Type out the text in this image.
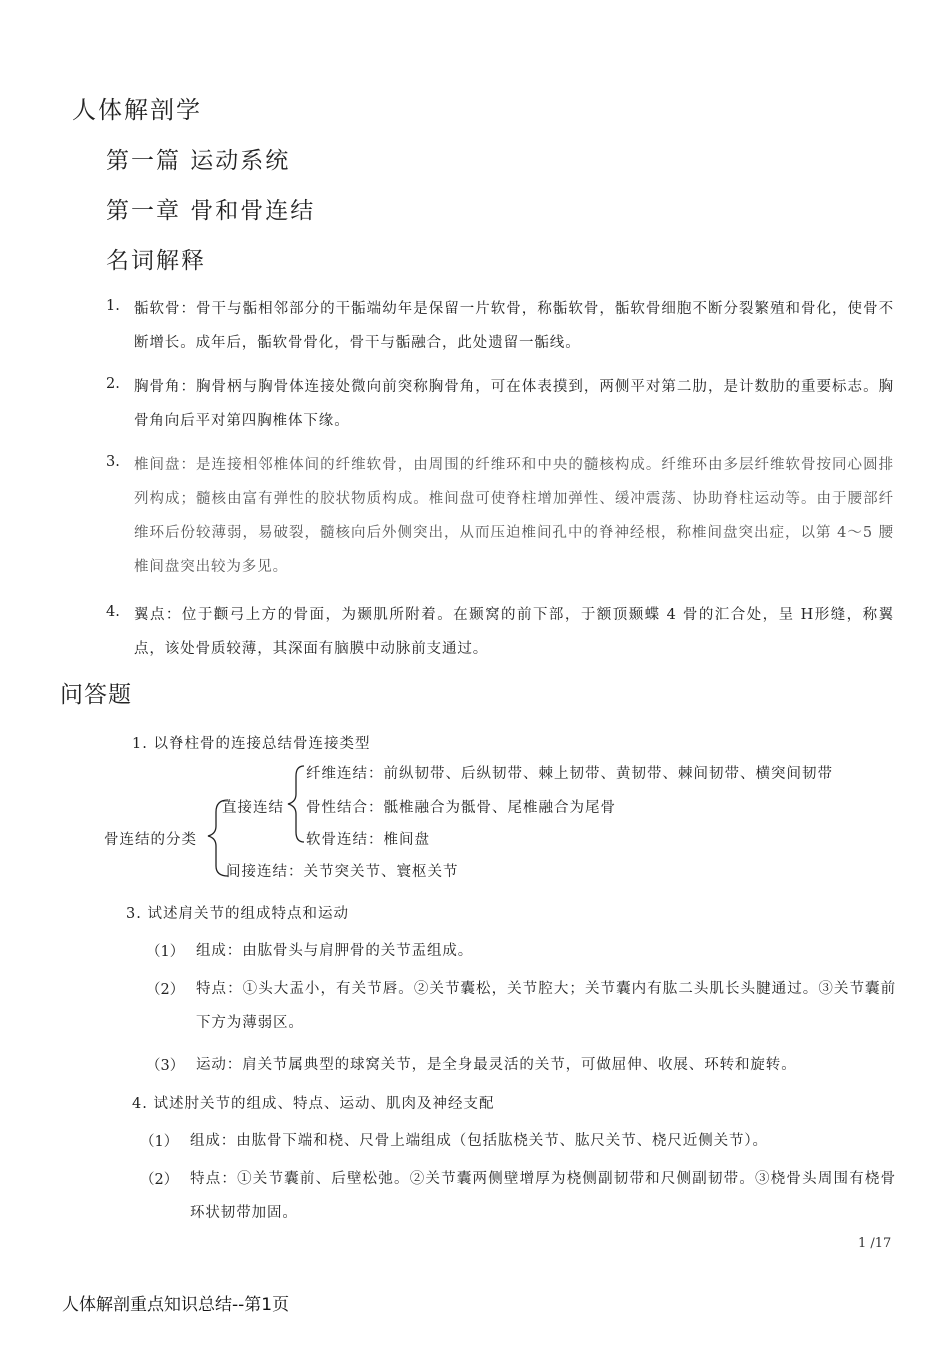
人体解剖学
第一篇 运动系统
第一章 骨和骨连结
名词解释
1. 骺软骨：骨干与骺相邻部分的干骺端幼年是保留一片软骨，称骺软骨，骺软骨细胞不断分裂繁殖和骨化，使骨不断增长。成年后，骺软骨骨化，骨干与骺融合，此处遗留一骺线。
2. 胸骨角：胸骨柄与胸骨体连接处微向前突称胸骨角，可在体表摸到，两侧平对第二肋，是计数肋的重要标志。胸骨角向后平对第四胸椎体下缘。
3. 椎间盘：是连接相邻椎体间的纤维软骨，由周围的纤维环和中央的髓核构成。纤维环由多层纤维软骨按同心圆排列构成；髓核由富有弹性的胶状物质构成。椎间盘可使脊柱增加弹性、缓冲震荡、协助脊柱运动等。由于腰部纤维环后份较薄弱，易破裂，髓核向后外侧突出，从而压迫椎间孔中的脊神经根，称椎间盘突出症，以第 4～5 腰椎间盘突出较为多见。
4. 翼点：位于颧弓上方的骨面，为颞肌所附着。在颞窝的前下部，于额顶颞蝶 4 骨的汇合处，呈 H形缝，称翼点，该处骨质较薄，其深面有脑膜中动脉前支通过。
问答题
1. 以脊柱骨的连接总结骨连接类型
骨连结的分类
直接连结
纤维连结：前纵韧带、后纵韧带、棘上韧带、黄韧带、棘间韧带、横突间韧带
骨性结合：骶椎融合为骶骨、尾椎融合为尾骨
软骨连结：椎间盘
间接连结：关节突关节、寰枢关节
3. 试述肩关节的组成特点和运动
（1） 组成：由肱骨头与肩胛骨的关节盂组成。
（2） 特点：①头大盂小，有关节唇。②关节囊松，关节腔大；关节囊内有肱二头肌长头腱通过。③关节囊前下方为薄弱区。
（3） 运动：肩关节属典型的球窝关节，是全身最灵活的关节，可做屈伸、收展、环转和旋转。
4. 试述肘关节的组成、特点、运动、肌肉及神经支配
（1） 组成：由肱骨下端和桡、尺骨上端组成（包括肱桡关节、肱尺关节、桡尺近侧关节）。
（2） 特点：①关节囊前、后壁松弛。②关节囊两侧壁增厚为桡侧副韧带和尺侧副韧带。③桡骨头周围有桡骨环状韧带加固。
1 /17
人体解剖重点知识总结--第1页
